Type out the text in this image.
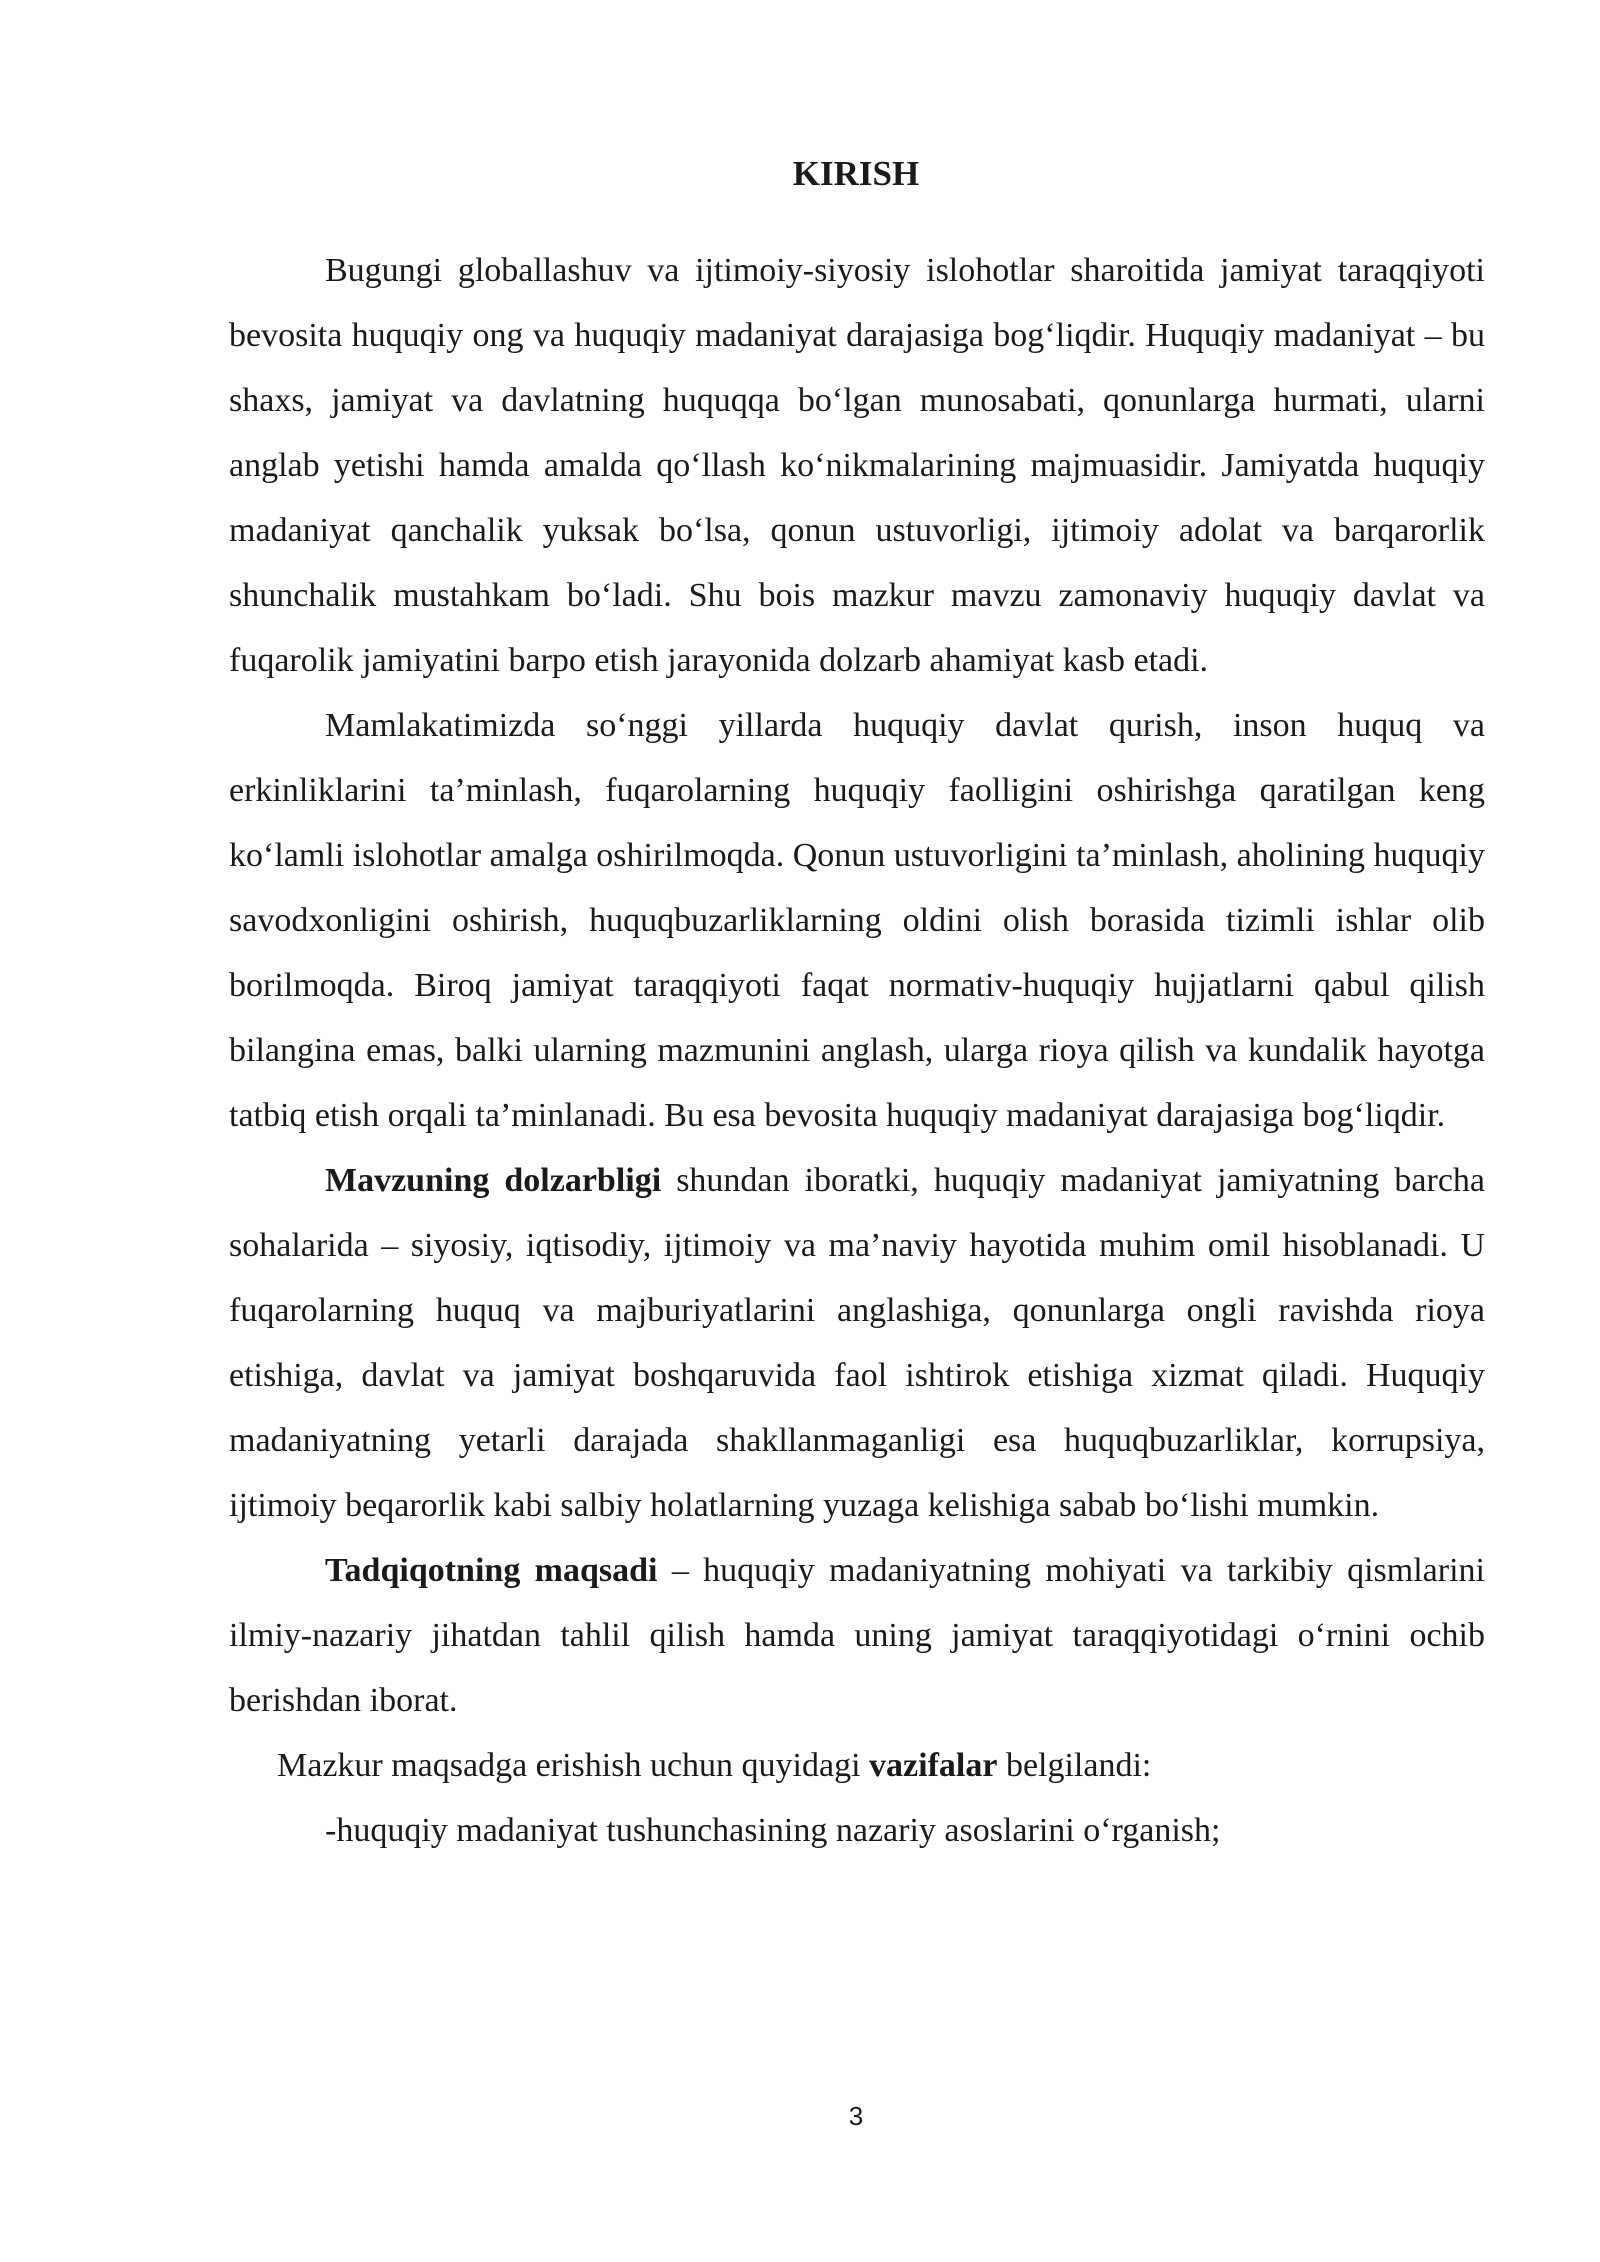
KIRISH

Bugungi globallashuv va ijtimoiy-siyosiy islohotlar sharoitida jamiyat taraqqiyoti bevosita huquqiy ong va huquqiy madaniyat darajasiga bog‘liqdir. Huquqiy madaniyat – bu shaxs, jamiyat va davlatning huquqqa bo‘lgan munosabati, qonunlarga hurmati, ularni anglab yetishi hamda amalda qo‘llash ko‘nikmalarining majmuasidir. Jamiyatda huquqiy madaniyat qanchalik yuksak bo‘lsa, qonun ustuvorligi, ijtimoiy adolat va barqarorlik shunchalik mustahkam bo‘ladi. Shu bois mazkur mavzu zamonaviy huquqiy davlat va fuqarolik jamiyatini barpo etish jarayonida dolzarb ahamiyat kasb etadi.

Mamlakatimizda so‘nggi yillarda huquqiy davlat qurish, inson huquq va erkinliklarini ta’minlash, fuqarolarning huquqiy faolligini oshirishga qaratilgan keng ko‘lamli islohotlar amalga oshirilmoqda. Qonun ustuvorligini ta’minlash, aholining huquqiy savodxonligini oshirish, huquqbuzarliklarning oldini olish borasida tizimli ishlar olib borilmoqda. Biroq jamiyat taraqqiyoti faqat normativ-huquqiy hujjatlarni qabul qilish bilangina emas, balki ularning mazmunini anglash, ularga rioya qilish va kundalik hayotga tatbiq etish orqali ta’minlanadi. Bu esa bevosita huquqiy madaniyat darajasiga bog‘liqdir.

Mavzuning dolzarbligi shundan iboratki, huquqiy madaniyat jamiyatning barcha sohalarida – siyosiy, iqtisodiy, ijtimoiy va ma’naviy hayotida muhim omil hisoblanadi. U fuqarolarning huquq va majburiyatlarini anglashiga, qonunlarga ongli ravishda rioya etishiga, davlat va jamiyat boshqaruvida faol ishtirok etishiga xizmat qiladi. Huquqiy madaniyatning yetarli darajada shakllanmaganligi esa huquqbuzarliklar, korrupsiya, ijtimoiy beqarorlik kabi salbiy holatlarning yuzaga kelishiga sabab bo‘lishi mumkin.

Tadqiqotning maqsadi – huquqiy madaniyatning mohiyati va tarkibiy qismlarini ilmiy-nazariy jihatdan tahlil qilish hamda uning jamiyat taraqqiyotidagi o‘rnini ochib berishdan iborat.

Mazkur maqsadga erishish uchun quyidagi vazifalar belgilandi:

-huquqiy madaniyat tushunchasining nazariy asoslarini o‘rganish;

3
